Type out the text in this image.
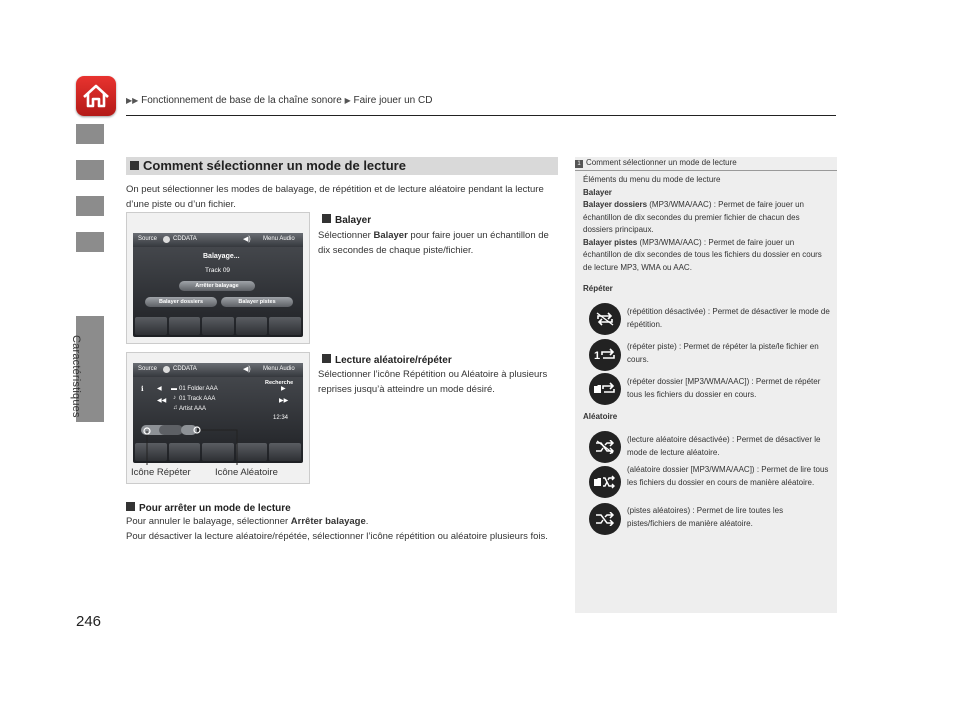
▶▶ Fonctionnement de base de la chaîne sonore ▶ Faire jouer un CD
Caractéristiques
246
Comment sélectionner un mode de lecture
On peut sélectionner les modes de balayage, de répétition et de lecture aléatoire pendant la lecture d’une piste ou d’un fichier.
Source	CDDATA	◀) Menu Audio
Balayage...
Track 09
Arrêter balayage
Balayer dossiers	Balayer pistes
Balayer
Sélectionner Balayer pour faire jouer un échantillon de dix secondes de chaque piste/fichier.
Source	CDDATA	◀) Menu Audio
Recherche
ℹ ◀ ▬ 01 Folder AAA
♪ 01 Track AAA
♫ Artist AAA
◀◀
▶
▶▶
12:34
Icône Répéter	Icône Aléatoire
Lecture aléatoire/répéter
Sélectionner l’icône Répétition ou Aléatoire à plusieurs reprises jusqu’à atteindre un mode désiré.
Pour arrêter un mode de lecture
Pour annuler le balayage, sélectionner Arrêter balayage.
Pour désactiver la lecture aléatoire/répétée, sélectionner l’icône répétition ou aléatoire plusieurs fois.
1 Comment sélectionner un mode de lecture
Éléments du menu du mode de lecture
Balayer
Balayer dossiers (MP3/WMA/AAC) : Permet de faire jouer un échantillon de dix secondes du premier fichier de chacun des dossiers principaux.
Balayer pistes (MP3/WMA/AAC) : Permet de faire jouer un échantillon de dix secondes de tous les fichiers du dossier en cours de lecture MP3, WMA ou AAC.
Répéter
(répétition désactivée) : Permet de désactiver le mode de répétition.
1
(répéter piste) : Permet de répéter la piste/le fichier en cours.
(répéter dossier [MP3/WMA/AAC]) : Permet de répéter tous les fichiers du dossier en cours.
Aléatoire
(lecture aléatoire désactivée) : Permet de désactiver le mode de lecture aléatoire.
(aléatoire dossier [MP3/WMA/AAC]) : Permet de lire tous les fichiers du dossier en cours de manière aléatoire.
(pistes aléatoires) : Permet de lire toutes les pistes/fichiers de manière aléatoire.
